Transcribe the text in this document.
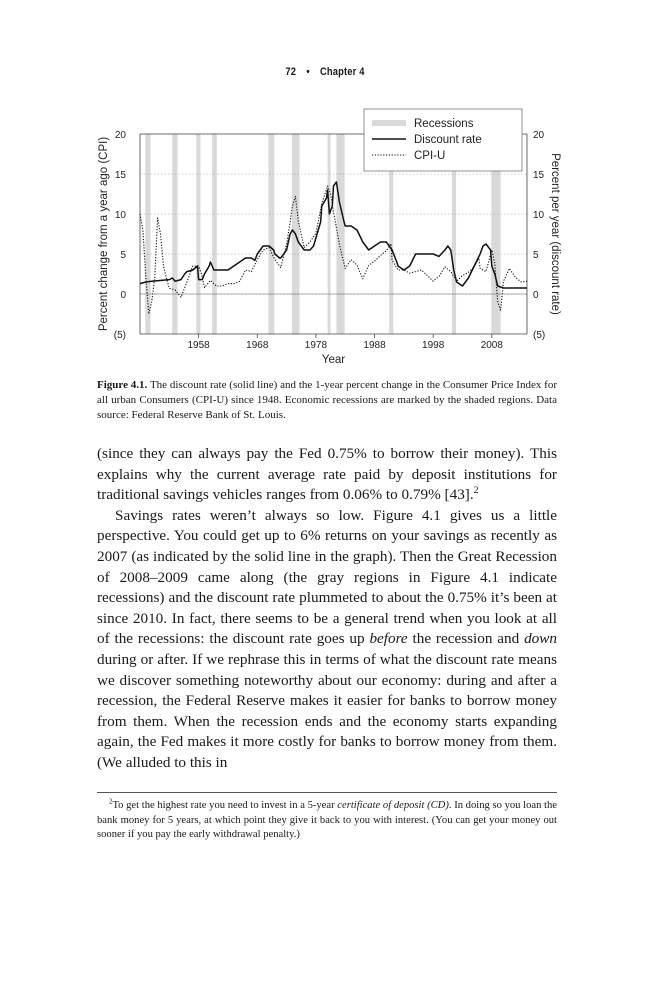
72 • Chapter 4
Recessions
Discount rate
CPI-U
20	20
15	15
10	10
5	5
0	0
(5)	(5)
1958	1968	1978	1988	1998	2008
Year
Percent change from a year ago (CPI)	Percent per year (discount rate)
Figure 4.1. The discount rate (solid line) and the 1-year percent change in the Consumer Price Index for all urban Consumers (CPI-U) since 1948. Economic recessions are marked by the shaded regions. Data source: Federal Reserve Bank of St. Louis.

(since they can always pay the Fed 0.75% to borrow their money). This explains why the current average rate paid by deposit institutions for traditional savings vehicles ranges from 0.06% to 0.79% [43].$^2$

Savings rates weren’t always so low. Figure 4.1 gives us a little perspective. You could get up to 6% returns on your savings as recently as 2007 (as indicated by the solid line in the graph). Then the Great Recession of 2008–2009 came along (the gray regions in Figure 4.1 indicate recessions) and the discount rate plummeted to about the 0.75% it’s been at since 2010. In fact, there seems to be a general trend when you look at all of the recessions: the discount rate goes up before the recession and down during or after. If we rephrase this in terms of what the discount rate means we discover something noteworthy about our economy: during and after a recession, the Federal Reserve makes it easier for banks to borrow money from them. When the recession ends and the economy starts expanding again, the Fed makes it more costly for banks to borrow money from them. (We alluded to this in

$^2$To get the highest rate you need to invest in a 5-year certificate of deposit (CD). In doing so you loan the bank money for 5 years, at which point they give it back to you with interest. (You can get your money out sooner if you pay the early withdrawal penalty.)
